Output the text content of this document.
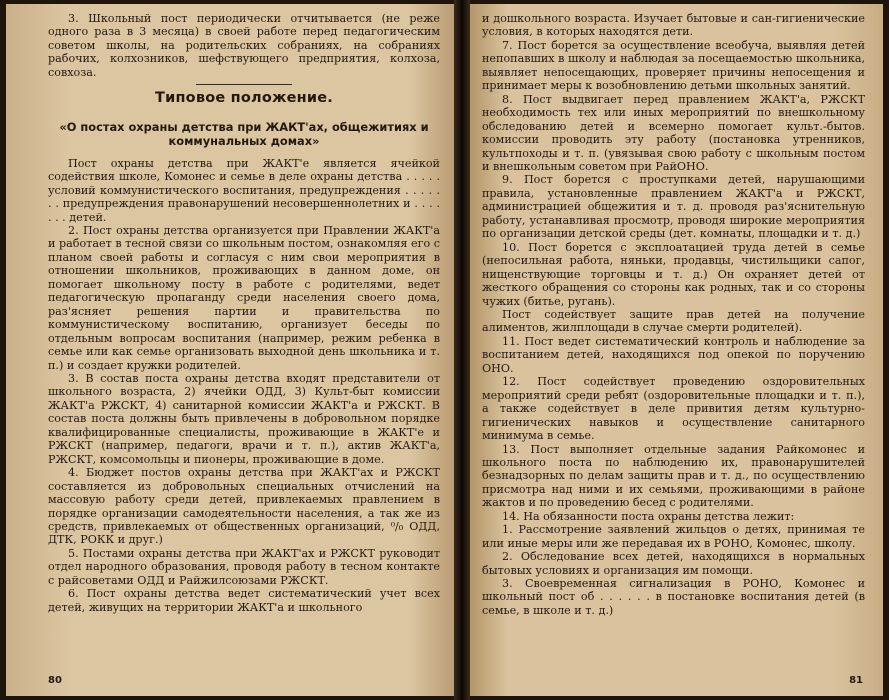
3. Школьный пост периодически отчитывается (не реже одного раза в 3 месяца) в своей работе перед педагогическим советом школы, на родительских собраниях, на собраниях рабочих, колхозников, шефствующего предприятия, колхоза, совхоза.

Типовое положение.

«О постах охраны детства при ЖАКТ'ах, общежитиях и коммунальных домах»

Пост охраны детства при ЖАКТ'е является ячейкой содействия школе, Комонес и семье в деле охраны детства . . . . . условий коммунистического воспитания, предупреждения . . . . . . . предупреждения правонарушений несовершеннолетних и . . . . . . . детей.

2. Пост охраны детства организуется при Правлении ЖАКТ'а и работает в тесной связи со школьным постом, ознакомляя его с планом своей работы и согласуя с ним свои мероприятия в отношении школьников, проживающих в данном доме, он помогает школьному посту в работе с родителями, ведет педагогическую пропаганду среди населения своего дома, раз'ясняет решения партии и правительства по коммунистическому воспитанию, организует беседы по отдельным вопросам воспитания (например, режим ребенка в семье или как семье организовать выходной день школьника и т. п.) и создает кружки родителей.

3. В состав поста охраны детства входят представители от школьного возраста, 2) ячейки ОДД, 3) Культ-быт комиссии ЖАКТ'а РЖСКТ, 4) санитарной комиссии ЖАКТ'а и РЖСКТ. В состав поста должны быть привлечены в добровольном порядке квалифицированные специалисты, проживающие в ЖАКТ'е и РЖСКТ (например, педагоги, врачи и т. п.), актив ЖАКТ'а, РЖСКТ, комсомольцы и пионеры, проживающие в доме.

4. Бюджет постов охраны детства при ЖАКТ'ах и РЖСКТ составляется из добровольных специальных отчислений на массовую работу среди детей, привлекаемых правлением в порядке организации самодеятельности населения, а так же из средств, привлекаемых от общественных организаций, ⁰/₀ ОДД, ДТК, РОКК и друг.)

5. Постами охраны детства при ЖАКТ'ах и РЖСКТ руководит отдел народного образования, проводя работу в тесном контакте с райсоветами ОДД и Райжилсоюзами РЖСКТ.

6. Пост охраны детства ведет систематический учет всех детей, живущих на территории ЖАКТ'а и школьного

80

и дошкольного возраста. Изучает бытовые и сан-гигиенические условия, в которых находятся дети.

7. Пост борется за осуществление всеобуча, выявляя детей непопавших в школу и наблюдая за посещаемостью школьника, выявляет непосещающих, проверяет причины непосещения и принимает меры к возобновлению детьми школьных занятий.

8. Пост выдвигает перед правлением ЖАКТ'а, РЖСКТ необходимость тех или иных мероприятий по внешкольному обследованию детей и всемерно помогает культ.-бытов. комиссии проводить эту работу (постановка утренников, культпоходы и т. п. (увязывая свою работу с школьным постом и внешкольным советом при РайОНО.

9. Пост борется с проступками детей, нарушающими правила, установленные правлением ЖАКТ'а и РЖСКТ, администрацией общежития и т. д. проводя раз'яснительную работу, устанавливая просмотр, проводя широкие мероприятия по организации детской среды (дет. комнаты, площадки и т. д.)

10. Пост борется с эксплоатацией труда детей в семье (непосильная работа, няньки, продавцы, чистильщики сапог, нищенствующие торговцы и т. д.) Он охраняет детей от жесткого обращения со стороны как родных, так и со стороны чужих (битье, ругань).

Пост содействует защите прав детей на получение алиментов, жилплощади в случае смерти родителей).

11. Пост ведет систематический контроль и наблюдение за воспитанием детей, находящихся под опекой по поручению ОНО.

12. Пост содействует проведению оздоровительных мероприятий среди ребят (оздоровительные площадки и т. п.), а также содействует в деле привития детям культурно-гигиенических навыков и осуществление санитарного минимума в семье.

13. Пост выполняет отдельные задания Райкомонес и школьного поста по наблюдению их, правонарушителей безнадзорных по делам защиты прав и т. д., по осуществлению присмотра над ними и их семьями, проживающими в районе жактов и по проведению бесед с родителями.

14. На обязанности поста охраны детства лежит:

1. Рассмотрение заявлений жильцов о детях, принимая те или иные меры или же передавая их в РОНО, Комонес, школу.

2. Обследование всех детей, находящихся в нормальных бытовых условиях и организация им помощи.

3. Своевременная сигнализация в РОНО, Комонес и школьный пост об . . . . . . в постановке воспитания детей (в семье, в школе и т. д.)

81
